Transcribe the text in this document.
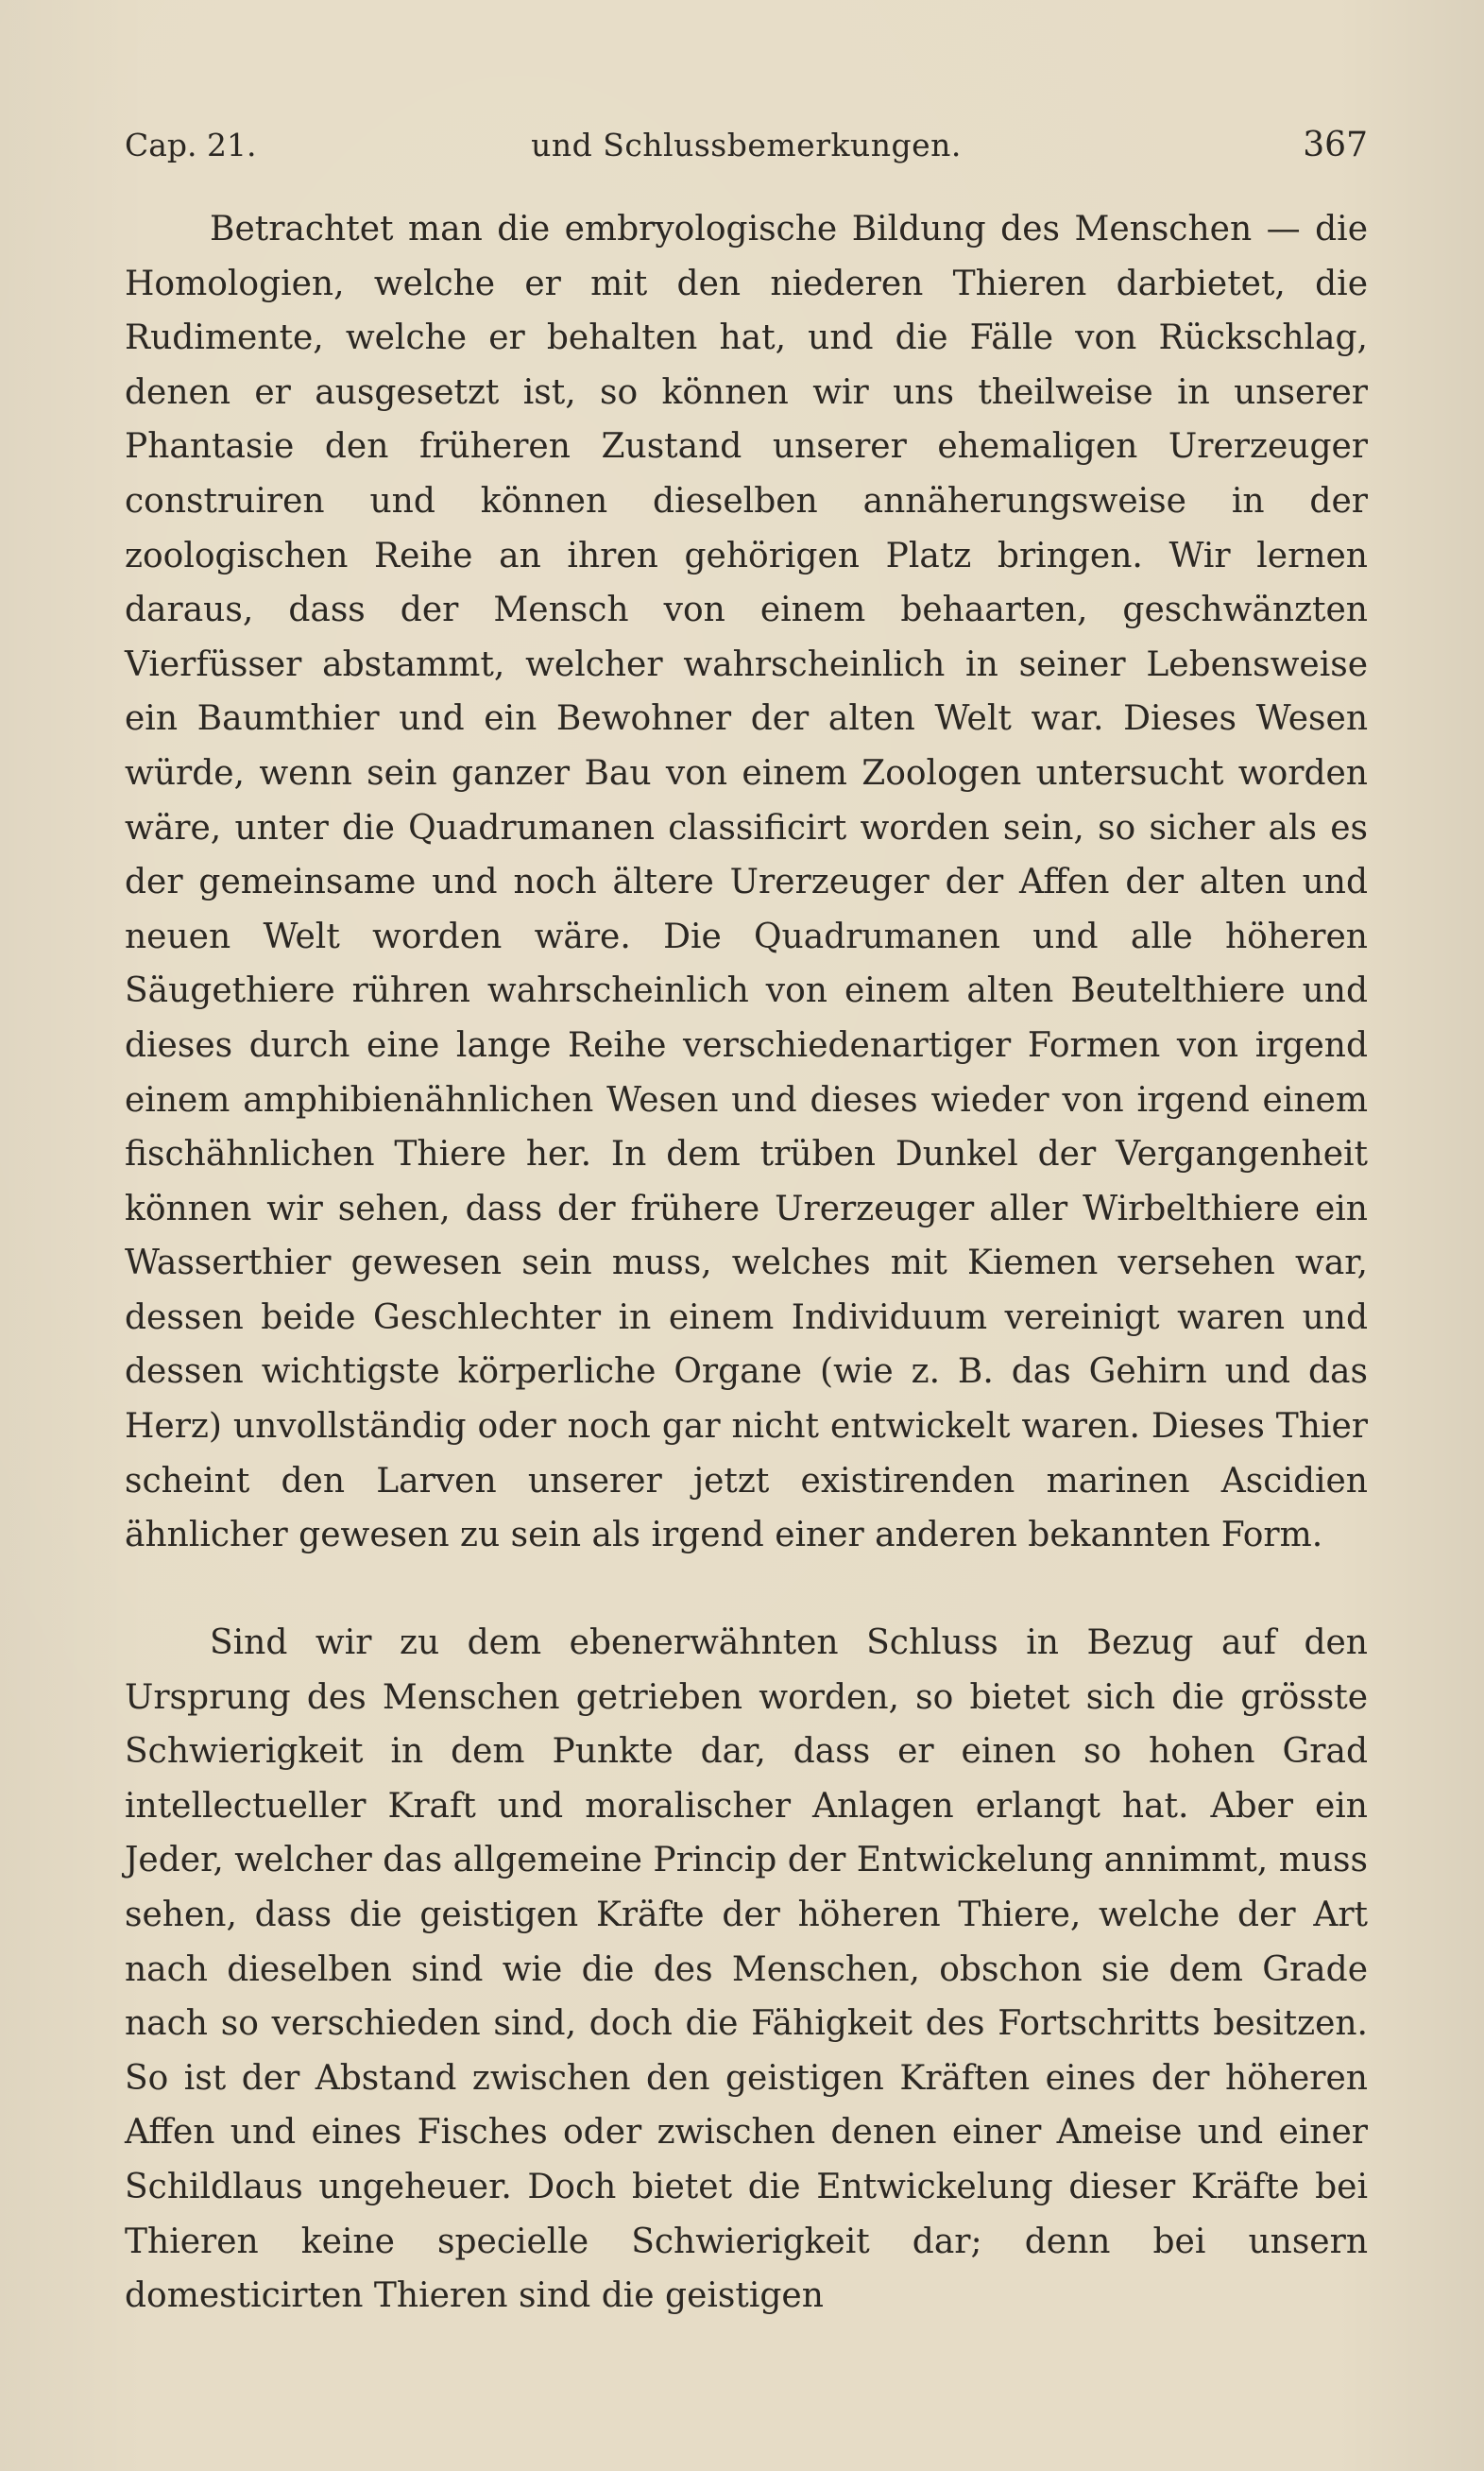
Cap. 21.	und Schlussbemerkungen.	367

Betrachtet man die embryologische Bildung des Menschen — die Homologien, welche er mit den niederen Thieren darbietet, die Rudimente, welche er behalten hat, und die Fälle von Rückschlag, denen er ausgesetzt ist, so können wir uns theilweise in unserer Phantasie den früheren Zustand unserer ehemaligen Urerzeuger construiren und können dieselben annäherungsweise in der zoologischen Reihe an ihren gehörigen Platz bringen. Wir lernen daraus, dass der Mensch von einem behaarten, geschwänzten Vierfüsser abstammt, welcher wahrscheinlich in seiner Lebensweise ein Baumthier und ein Bewohner der alten Welt war. Dieses Wesen würde, wenn sein ganzer Bau von einem Zoologen untersucht worden wäre, unter die Quadrumanen classificirt worden sein, so sicher als es der gemeinsame und noch ältere Urerzeuger der Affen der alten und neuen Welt worden wäre. Die Quadrumanen und alle höheren Säugethiere rühren wahrscheinlich von einem alten Beutelthiere und dieses durch eine lange Reihe verschiedenartiger Formen von irgend einem amphibienähnlichen Wesen und dieses wieder von irgend einem fischähnlichen Thiere her. In dem trüben Dunkel der Vergangenheit können wir sehen, dass der frühere Urerzeuger aller Wirbelthiere ein Wasserthier gewesen sein muss, welches mit Kiemen versehen war, dessen beide Geschlechter in einem Individuum vereinigt waren und dessen wichtigste körperliche Organe (wie z. B. das Gehirn und das Herz) unvollständig oder noch gar nicht entwickelt waren. Dieses Thier scheint den Larven unserer jetzt existirenden marinen Ascidien ähnlicher gewesen zu sein als irgend einer anderen bekannten Form.

Sind wir zu dem ebenerwähnten Schluss in Bezug auf den Ursprung des Menschen getrieben worden, so bietet sich die grösste Schwierigkeit in dem Punkte dar, dass er einen so hohen Grad intellectueller Kraft und moralischer Anlagen erlangt hat. Aber ein Jeder, welcher das allgemeine Princip der Entwickelung annimmt, muss sehen, dass die geistigen Kräfte der höheren Thiere, welche der Art nach dieselben sind wie die des Menschen, obschon sie dem Grade nach so verschieden sind, doch die Fähigkeit des Fortschritts besitzen. So ist der Abstand zwischen den geistigen Kräften eines der höheren Affen und eines Fisches oder zwischen denen einer Ameise und einer Schildlaus ungeheuer. Doch bietet die Entwickelung dieser Kräfte bei Thieren keine specielle Schwierigkeit dar; denn bei unsern domesticirten Thieren sind die geistigen
